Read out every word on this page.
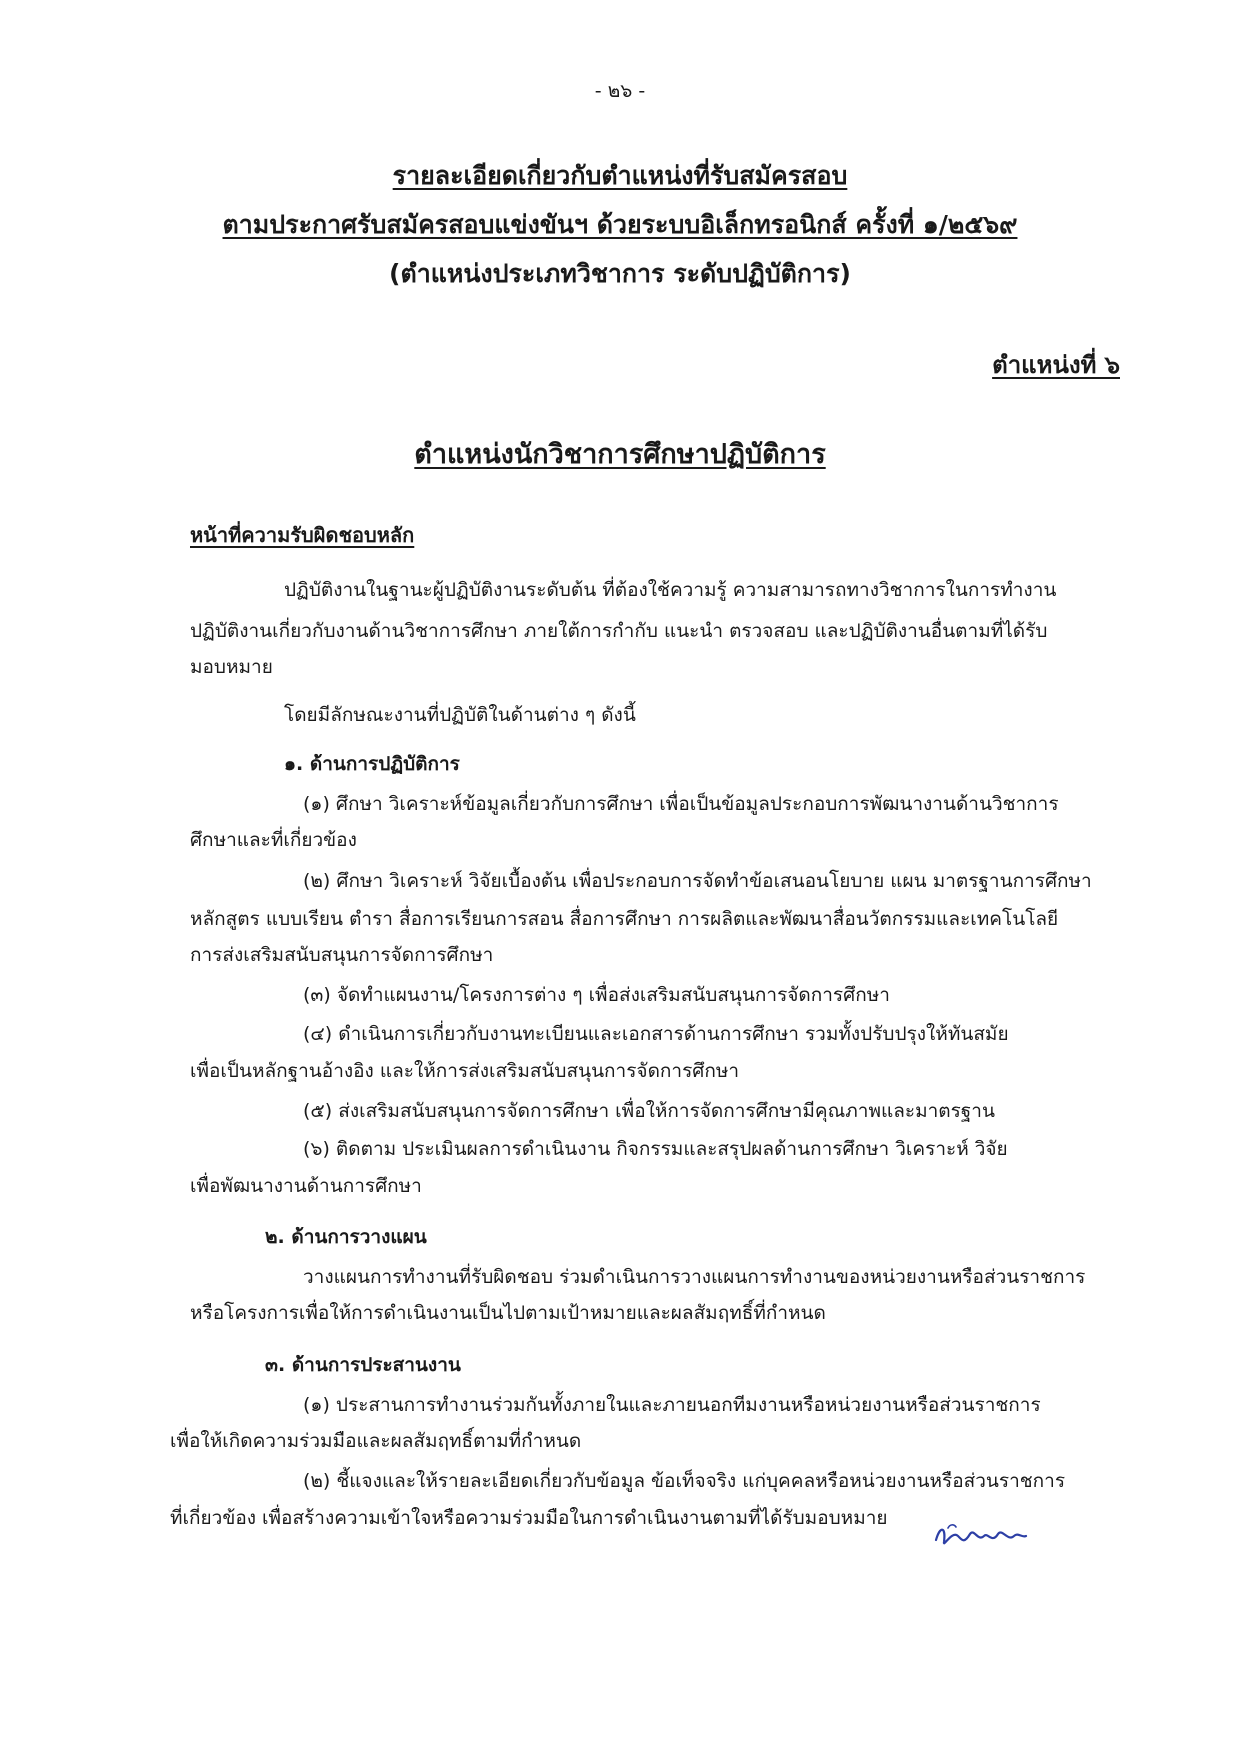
- ๒๖ -
รายละเอียดเกี่ยวกับตำแหน่งที่รับสมัครสอบ
ตามประกาศรับสมัครสอบแข่งขันฯ ด้วยระบบอิเล็กทรอนิกส์ ครั้งที่ ๑/๒๕๖๙
(ตำแหน่งประเภทวิชาการ ระดับปฏิบัติการ)
ตำแหน่งที่ ๖
ตำแหน่งนักวิชาการศึกษาปฏิบัติการ
หน้าที่ความรับผิดชอบหลัก
ปฏิบัติงานในฐานะผู้ปฏิบัติงานระดับต้น ที่ต้องใช้ความรู้ ความสามารถทางวิชาการในการทำงาน
ปฏิบัติงานเกี่ยวกับงานด้านวิชาการศึกษา ภายใต้การกำกับ แนะนำ ตรวจสอบ และปฏิบัติงานอื่นตามที่ได้รับ
มอบหมาย
โดยมีลักษณะงานที่ปฏิบัติในด้านต่าง ๆ ดังนี้
๑. ด้านการปฏิบัติการ
(๑) ศึกษา วิเคราะห์ข้อมูลเกี่ยวกับการศึกษา เพื่อเป็นข้อมูลประกอบการพัฒนางานด้านวิชาการ
ศึกษาและที่เกี่ยวข้อง
(๒) ศึกษา วิเคราะห์ วิจัยเบื้องต้น เพื่อประกอบการจัดทำข้อเสนอนโยบาย แผน มาตรฐานการศึกษา
หลักสูตร แบบเรียน ตำรา สื่อการเรียนการสอน สื่อการศึกษา การผลิตและพัฒนาสื่อนวัตกรรมและเทคโนโลยี
การส่งเสริมสนับสนุนการจัดการศึกษา
(๓) จัดทำแผนงาน/โครงการต่าง ๆ เพื่อส่งเสริมสนับสนุนการจัดการศึกษา
(๔) ดำเนินการเกี่ยวกับงานทะเบียนและเอกสารด้านการศึกษา รวมทั้งปรับปรุงให้ทันสมัย
เพื่อเป็นหลักฐานอ้างอิง และให้การส่งเสริมสนับสนุนการจัดการศึกษา
(๕) ส่งเสริมสนับสนุนการจัดการศึกษา เพื่อให้การจัดการศึกษามีคุณภาพและมาตรฐาน
(๖) ติดตาม ประเมินผลการดำเนินงาน กิจกรรมและสรุปผลด้านการศึกษา วิเคราะห์ วิจัย
เพื่อพัฒนางานด้านการศึกษา
๒. ด้านการวางแผน
วางแผนการทำงานที่รับผิดชอบ ร่วมดำเนินการวางแผนการทำงานของหน่วยงานหรือส่วนราชการ
หรือโครงการเพื่อให้การดำเนินงานเป็นไปตามเป้าหมายและผลสัมฤทธิ์ที่กำหนด
๓. ด้านการประสานงาน
(๑) ประสานการทำงานร่วมกันทั้งภายในและภายนอกทีมงานหรือหน่วยงานหรือส่วนราชการ
เพื่อให้เกิดความร่วมมือและผลสัมฤทธิ์ตามที่กำหนด
(๒) ชี้แจงและให้รายละเอียดเกี่ยวกับข้อมูล ข้อเท็จจริง แก่บุคคลหรือหน่วยงานหรือส่วนราชการ
ที่เกี่ยวข้อง เพื่อสร้างความเข้าใจหรือความร่วมมือในการดำเนินงานตามที่ได้รับมอบหมาย
